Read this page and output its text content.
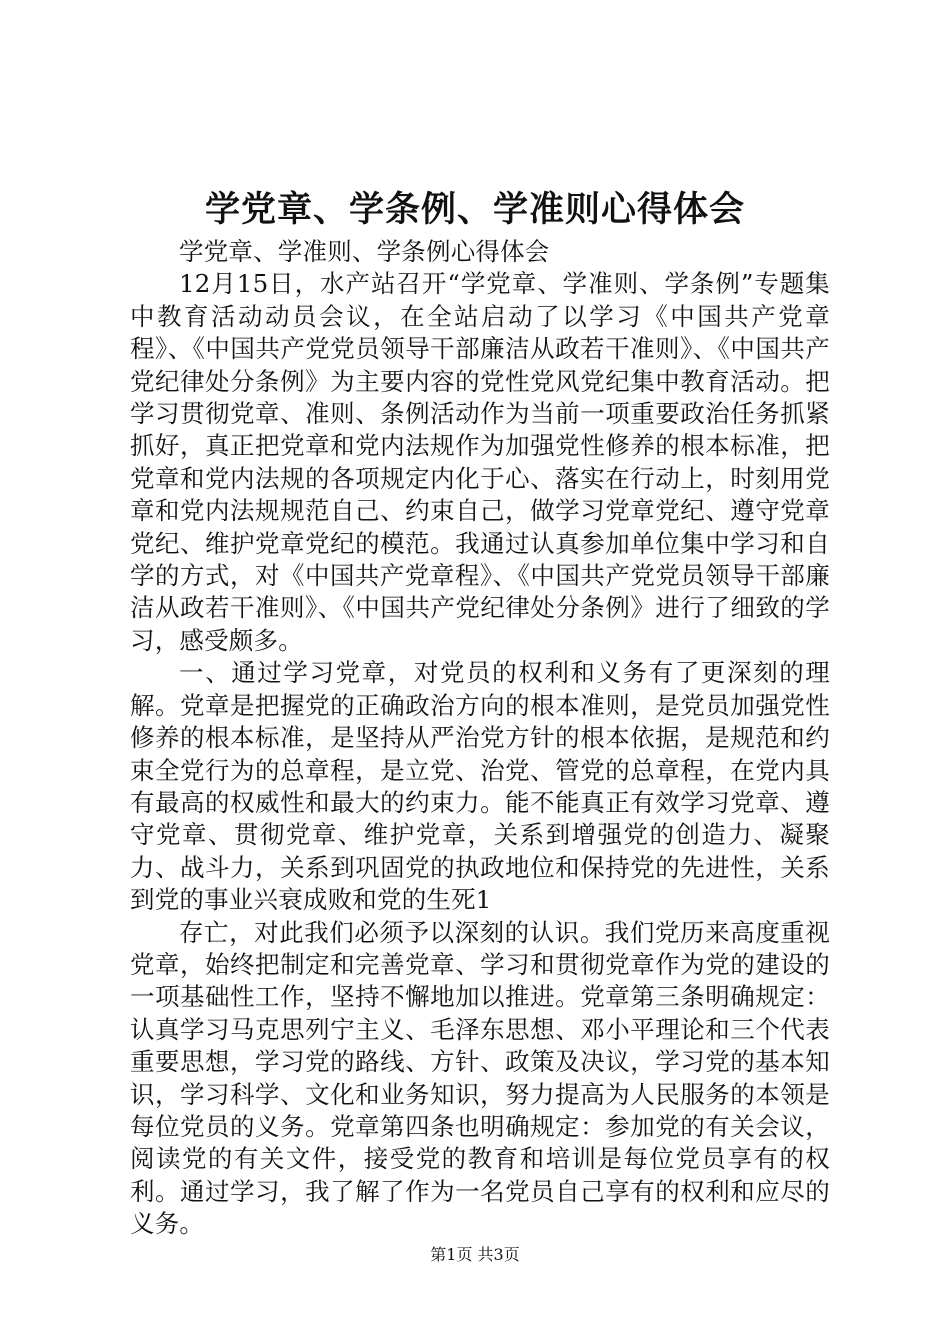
学党章、学条例、学准则心得体会

学党章、学准则、学条例心得体会

12月15日，水产站召开“学党章、学准则、学条例”专题集中教育活动动员会议，在全站启动了以学习《中国共产党章程》、《中国共产党党员领导干部廉洁从政若干准则》、《中国共产党纪律处分条例》为主要内容的党性党风党纪集中教育活动。把学习贯彻党章、准则、条例活动作为当前一项重要政治任务抓紧抓好，真正把党章和党内法规作为加强党性修养的根本标准，把党章和党内法规的各项规定内化于心、落实在行动上，时刻用党章和党内法规规范自己、约束自己，做学习党章党纪、遵守党章党纪、维护党章党纪的模范。我通过认真参加单位集中学习和自学的方式，对《中国共产党章程》、《中国共产党党员领导干部廉洁从政若干准则》、《中国共产党纪律处分条例》进行了细致的学习，感受颇多。

一、通过学习党章，对党员的权利和义务有了更深刻的理解。党章是把握党的正确政治方向的根本准则，是党员加强党性修养的根本标准，是坚持从严治党方针的根本依据，是规范和约束全党行为的总章程，是立党、治党、管党的总章程，在党内具有最高的权威性和最大的约束力。能不能真正有效学习党章、遵守党章、贯彻党章、维护党章，关系到增强党的创造力、凝聚力、战斗力，关系到巩固党的执政地位和保持党的先进性，关系到党的事业兴衰成败和党的生死1

存亡，对此我们必须予以深刻的认识。我们党历来高度重视党章，始终把制定和完善党章、学习和贯彻党章作为党的建设的一项基础性工作，坚持不懈地加以推进。党章第三条明确规定：认真学习马克思列宁主义、毛泽东思想、邓小平理论和三个代表重要思想，学习党的路线、方针、政策及决议，学习党的基本知识，学习科学、文化和业务知识，努力提高为人民服务的本领是每位党员的义务。党章第四条也明确规定：参加党的有关会议，阅读党的有关文件，接受党的教育和培训是每位党员享有的权利。通过学习，我了解了作为一名党员自己享有的权利和应尽的义务。

第1页 共3页
